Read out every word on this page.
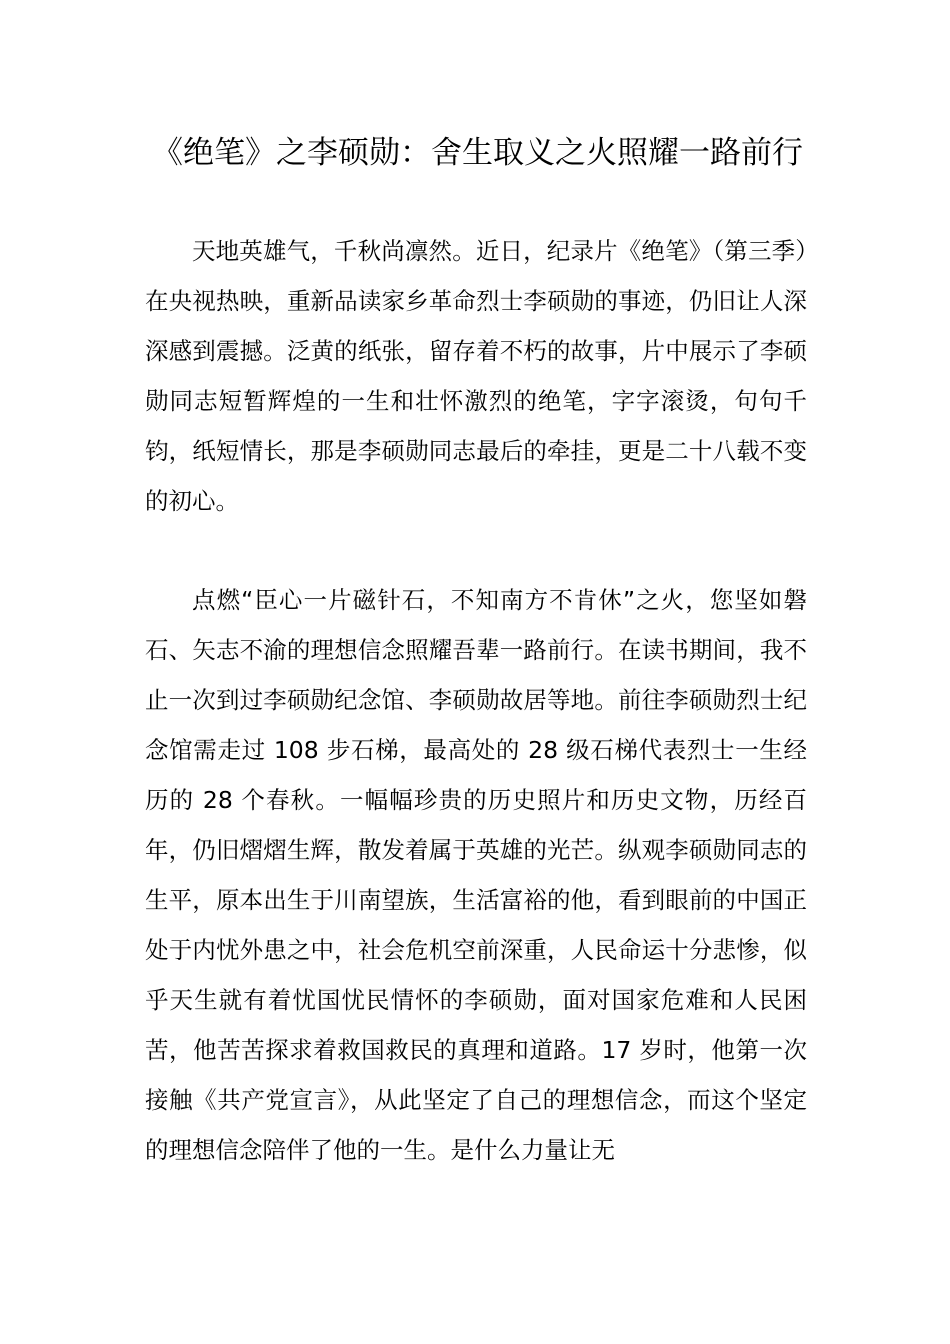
《绝笔》之李硕勋：舍生取义之火照耀一路前行

天地英雄气，千秋尚凛然。近日，纪录片《绝笔》（第三季）在央视热映，重新品读家乡革命烈士李硕勋的事迹，仍旧让人深深感到震撼。泛黄的纸张，留存着不朽的故事，片中展示了李硕勋同志短暂辉煌的一生和壮怀激烈的绝笔，字字滚烫，句句千钧，纸短情长，那是李硕勋同志最后的牵挂，更是二十八载不变的初心。

点燃“臣心一片磁针石，不知南方不肯休”之火，您坚如磐石、矢志不渝的理想信念照耀吾辈一路前行。在读书期间，我不止一次到过李硕勋纪念馆、李硕勋故居等地。前往李硕勋烈士纪念馆需走过 108 步石梯，最高处的 28 级石梯代表烈士一生经历的 28 个春秋。一幅幅珍贵的历史照片和历史文物，历经百年，仍旧熠熠生辉，散发着属于英雄的光芒。纵观李硕勋同志的生平，原本出生于川南望族，生活富裕的他，看到眼前的中国正处于内忧外患之中，社会危机空前深重，人民命运十分悲惨，似乎天生就有着忧国忧民情怀的李硕勋，面对国家危难和人民困苦，他苦苦探求着救国救民的真理和道路。17 岁时，他第一次接触《共产党宣言》，从此坚定了自己的理想信念，而这个坚定的理想信念陪伴了他的一生。是什么力量让无
